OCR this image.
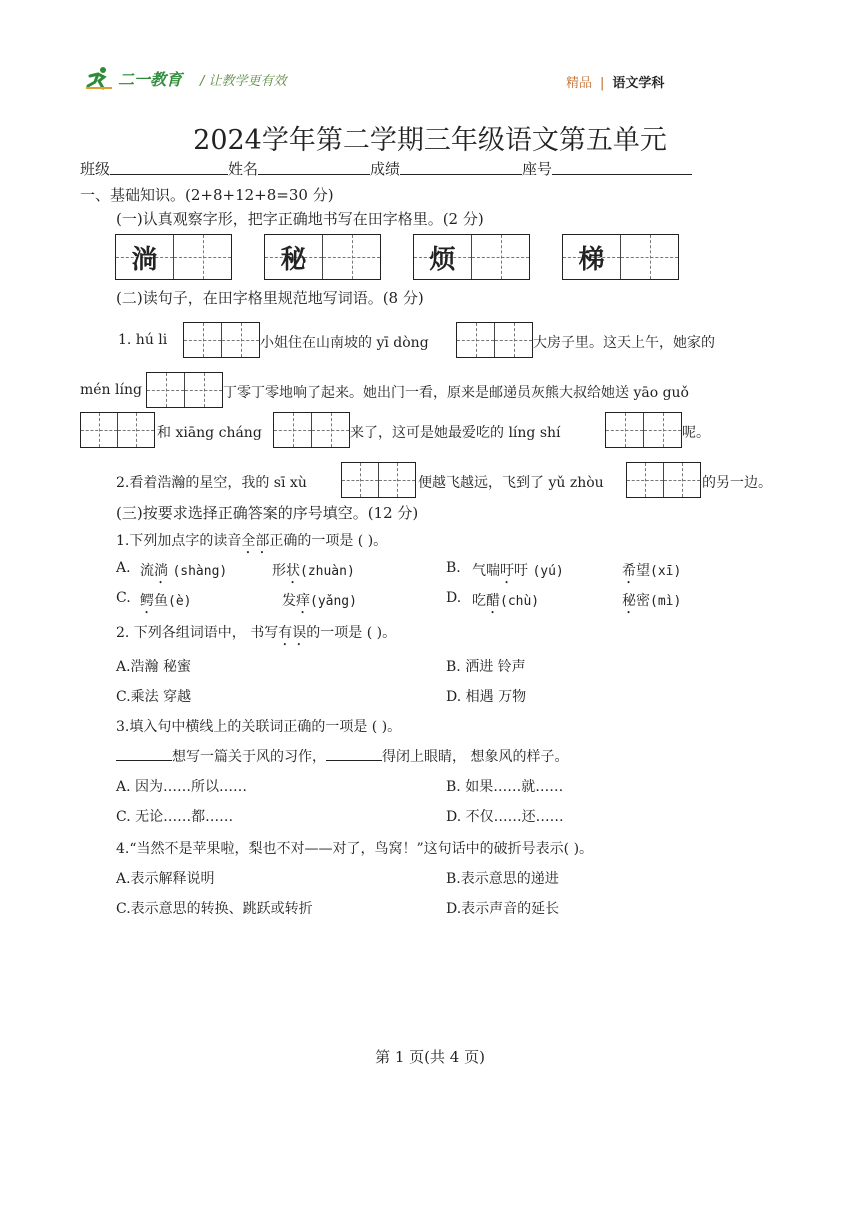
二一教育 / 让教学更有效	精品 | 语文学科
2024学年第二学期三年级语文第五单元
班级	姓名	成绩	座号
一、基础知识。(2+8+12+8=30 分)
(一)认真观察字形，把字正确地书写在田字格里。(2 分)
淌	秘	烦	梯
(二)读句子，在田字格里规范地写词语。(8 分)
1. hú li	小姐住在山南坡的 yī dòng	大房子里。这天上午，她家的
mén líng	丁零丁零地响了起来。她出门一看，原来是邮递员灰熊大叔给她送 yāo guǒ
和 xiāng cháng	来了，这可是她最爱吃的 líng shí	呢。
2.看着浩瀚的星空，我的 sī xù	便越飞越远，飞到了 yǔ zhòu	的另一边。
(三)按要求选择正确答案的序号填空。(12 分)
1.下列加点字的读音全部正确的一项是 ( )。
A. 流淌 (shàng)	形状(zhuàn)	B. 气喘吁吁 (yú)	希望(xī)
C. 鳄鱼(è)	发痒(yǎng)	D. 吃醋(chù)	秘密(mì)
2. 下列各组词语中， 书写有误的一项是 ( )。
A.浩瀚 秘蜜	B. 洒进 铃声
C.乘法 穿越	D. 相遇 万物
3.填入句中横线上的关联词正确的一项是 ( )。
想写一篇关于风的习作，	得闭上眼睛， 想象风的样子。
A. 因为……所以……	B. 如果……就……
C. 无论……都……	D. 不仅……还……
4.“当然不是苹果啦，梨也不对——对了，鸟窝！”这句话中的破折号表示( )。
A.表示解释说明	B.表示意思的递进
C.表示意思的转换、跳跃或转折	D.表示声音的延长
第 1 页(共 4 页)
